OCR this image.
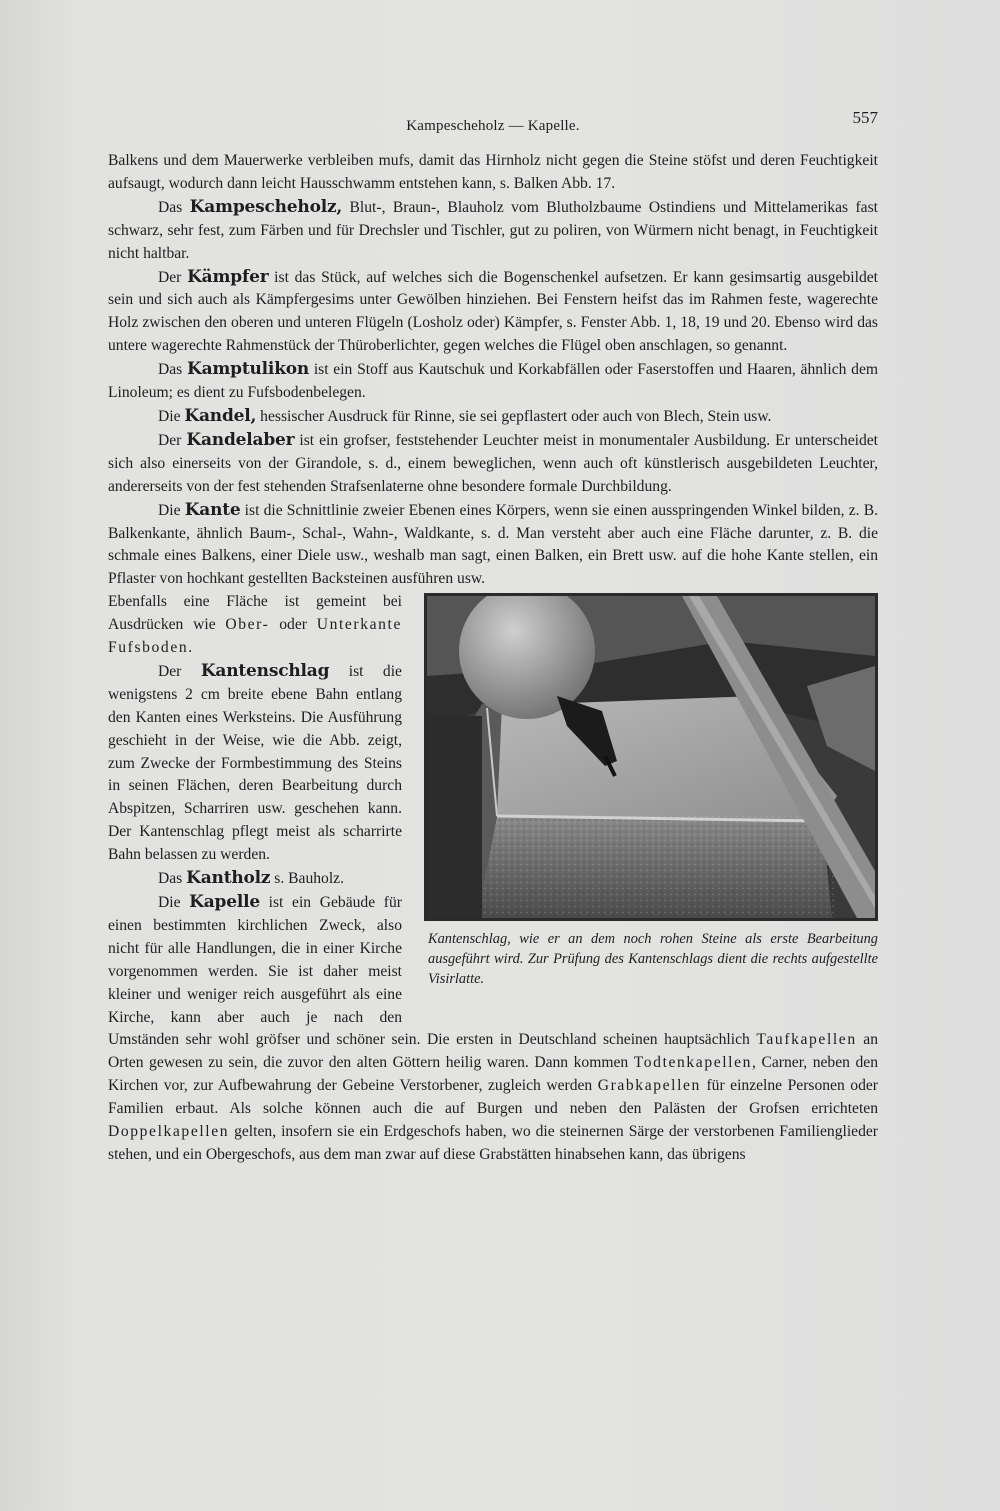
Kampescheholz — Kapelle.	557

Balkens und dem Mauerwerke verbleiben mufs, damit das Hirnholz nicht gegen die Steine stöfst und deren Feuchtigkeit aufsaugt, wodurch dann leicht Hausschwamm entstehen kann, s. Balken Abb. 17.

Das Kampescheholz, Blut-, Braun-, Blauholz vom Blutholzbaume Ostindiens und Mittelamerikas fast schwarz, sehr fest, zum Färben und für Drechsler und Tischler, gut zu poliren, von Würmern nicht benagt, in Feuchtigkeit nicht haltbar.

Der Kämpfer ist das Stück, auf welches sich die Bogenschenkel aufsetzen. Er kann gesimsartig ausgebildet sein und sich auch als Kämpfergesims unter Gewölben hinziehen. Bei Fenstern heifst das im Rahmen feste, wagerechte Holz zwischen den oberen und unteren Flügeln (Losholz oder) Kämpfer, s. Fenster Abb. 1, 18, 19 und 20. Ebenso wird das untere wagerechte Rahmenstück der Thüroberlichter, gegen welches die Flügel oben anschlagen, so genannt.

Das Kamptulikon ist ein Stoff aus Kautschuk und Korkabfällen oder Faserstoffen und Haaren, ähnlich dem Linoleum; es dient zu Fufsbodenbelegen.

Die Kandel, hessischer Ausdruck für Rinne, sie sei gepflastert oder auch von Blech, Stein usw.

Der Kandelaber ist ein grofser, feststehender Leuchter meist in monumentaler Ausbildung. Er unterscheidet sich also einerseits von der Girandole, s. d., einem beweglichen, wenn auch oft künstlerisch ausgebildeten Leuchter, andererseits von der fest stehenden Strafsenlaterne ohne besondere formale Durchbildung.

Die Kante ist die Schnittlinie zweier Ebenen eines Körpers, wenn sie einen ausspringenden Winkel bilden, z. B. Balkenkante, ähnlich Baum-, Schal-, Wahn-, Waldkante, s. d. Man versteht aber auch eine Fläche darunter, z. B. die schmale eines Balkens, einer Diele usw., weshalb man sagt, einen Balken, ein Brett usw. auf die hohe Kante stellen, ein Pflaster von hochkant gestellten Backsteinen ausführen usw.

Kantenschlag, wie er an dem noch rohen Steine als erste Bearbeitung ausgeführt wird. Zur Prüfung des Kantenschlags dient die rechts aufgestellte Visirlatte.

Ebenfalls eine Fläche ist gemeint bei Ausdrücken wie Ober- oder Unterkante Fufsboden.

Der Kantenschlag ist die wenigstens 2 cm breite ebene Bahn entlang den Kanten eines Werksteins. Die Ausführung geschieht in der Weise, wie die Abb. zeigt, zum Zwecke der Formbestimmung des Steins in seinen Flächen, deren Bearbeitung durch Abspitzen, Scharriren usw. geschehen kann. Der Kantenschlag pflegt meist als scharrirte Bahn belassen zu werden.

Das Kantholz s. Bauholz.

Die Kapelle ist ein Gebäude für einen bestimmten kirchlichen Zweck, also nicht für alle Handlungen, die in einer Kirche vorgenommen werden. Sie ist daher meist kleiner und weniger reich ausgeführt als eine Kirche, kann aber auch je nach den Umständen sehr wohl gröfser und schöner sein. Die ersten in Deutschland scheinen hauptsächlich Taufkapellen an Orten gewesen zu sein, die zuvor den alten Göttern heilig waren. Dann kommen Todtenkapellen, Carner, neben den Kirchen vor, zur Aufbewahrung der Gebeine Verstorbener, zugleich werden Grabkapellen für einzelne Personen oder Familien erbaut. Als solche können auch die auf Burgen und neben den Palästen der Grofsen errichteten Doppelkapellen gelten, insofern sie ein Erdgeschofs haben, wo die steinernen Särge der verstorbenen Familienglieder stehen, und ein Obergeschofs, aus dem man zwar auf diese Grabstätten hinabsehen kann, das übrigens
